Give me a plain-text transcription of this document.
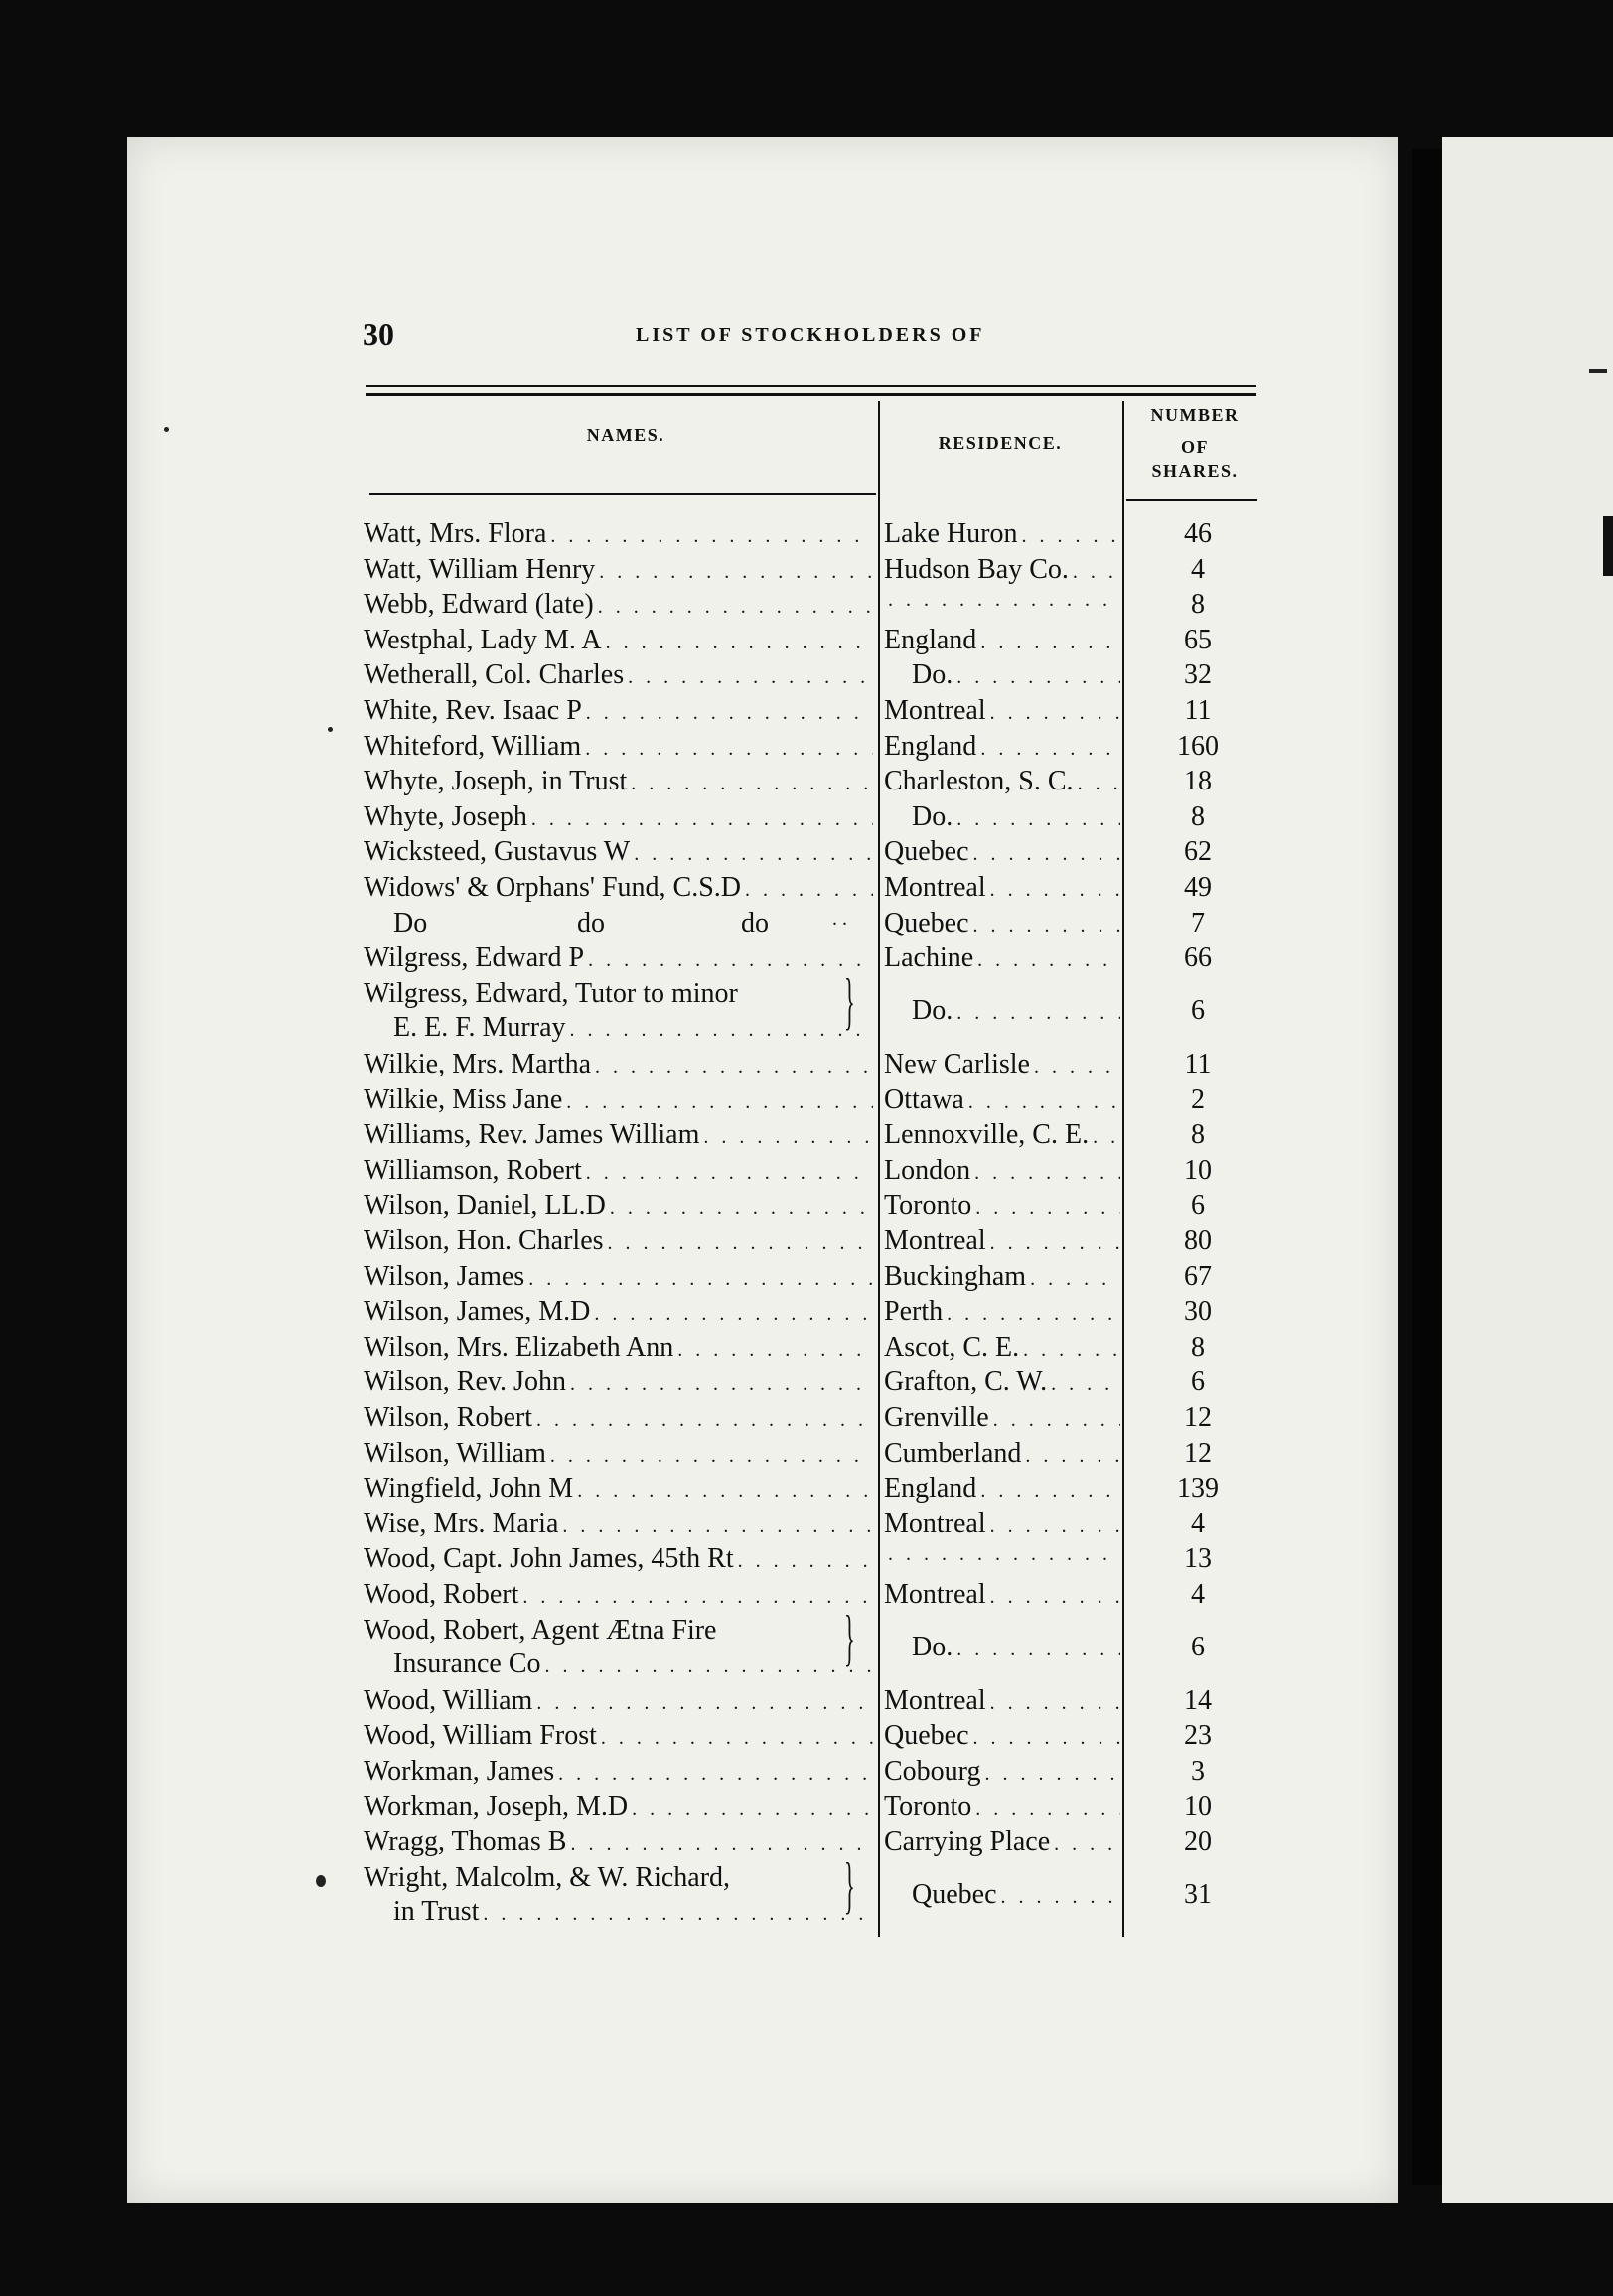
30	LIST OF STOCKHOLDERS OF
NAMES.	RESIDENCE.
NUMBER
OF
SHARES.
Watt, Mrs. Flora . . .	Lake Huron . . .	46
Watt, William Henry . . .	Hudson Bay Co. . . .	4
Webb, Edward (late) . . . . . .	8
Westphal, Lady M. A . . .	England . . .	65
Wetherall, Col. Charles . . .	Do. . . .	32
White, Rev. Isaac P . . .	Montreal . . .	11
Whiteford, William . . .	England . . .	160
Whyte, Joseph, in Trust . . .	Charleston, S. C. . . .	18
Whyte, Joseph . . .	Do. . . .	8
Wicksteed, Gustavus W . . .	Quebec . . .	62
Widows' & Orphans' Fund, C.S.D . . .	Montreal . . .	49
Do	do	do	. . Quebec . . .	7
Wilgress, Edward P . . .	Lachine . . .	66
Wilgress, Edward, Tutor to minor
E. E. F. Murray . . .	}	Do. . . .	6
Wilkie, Mrs. Martha . . .	New Carlisle . . .	11
Wilkie, Miss Jane . . .	Ottawa . . .	2
Williams, Rev. James William . . .	Lennoxville, C. E. . . .	8
Williamson, Robert . . .	London . . .	10
Wilson, Daniel, LL.D . . .	Toronto . . .	6
Wilson, Hon. Charles . . .	Montreal . . .	80
Wilson, James . . .	Buckingham . . .	67
Wilson, James, M.D . . .	Perth . . .	30
Wilson, Mrs. Elizabeth Ann . . .	Ascot, C. E. . . .	8
Wilson, Rev. John . . .	Grafton, C. W. . . .	6
Wilson, Robert . . .	Grenville . . .	12
Wilson, William . . .	Cumberland . . .	12
Wingfield, John M . . .	England . . .	139
Wise, Mrs. Maria . . .	Montreal . . .	4
Wood, Capt. John James, 45th Rt . . . . . .	13
Wood, Robert . . .	Montreal . . .	4
Wood, Robert, Agent Ætna Fire
Insurance Co . . .	}	Do. . . .	6
Wood, William . . .	Montreal . . .	14
Wood, William Frost . . .	Quebec . . .	23
Workman, James . . .	Cobourg . . .	3
Workman, Joseph, M.D . . .	Toronto . . .	10
Wragg, Thomas B . . .	Carrying Place . . .	20
Wright, Malcolm, & W. Richard,
in Trust . . .	}	Quebec . . .	31
